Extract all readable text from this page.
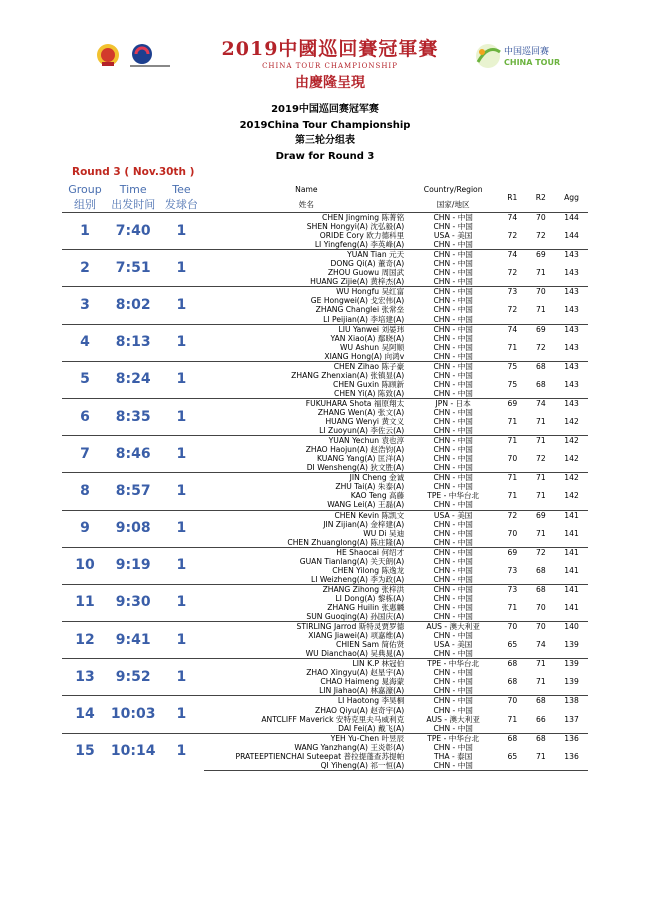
2019中國巡回賽冠軍賽
CHINA TOUR CHAMPIONSHIP
由慶隆呈現
中国巡回赛
CHINA TOUR
2019中国巡回赛冠军赛
2019China Tour Championship
第三轮分组表
Draw for Round 3
Round 3 ( Nov.30th )
Group	Time	Tee	Name	Country/Region	R1	R2	Agg
组别	出发时间	发球台	姓名	国家/地区			
1	7:40	1	CHEN Jingming 陈菁铭	CHN - 中国	74	70	144
			SHEN Hongyi(A) 沈弘毅(A)	CHN - 中国			
			ORIDE Cory 欧力德科里	USA - 美国	72	72	144
			LI Yingfeng(A) 李英峰(A)	CHN - 中国			
2	7:51	1	YUAN Tian 元天	CHN - 中国	74	69	143
			DONG Qi(A) 董奇(A)	CHN - 中国			
			ZHOU Guowu 周国武	CHN - 中国	72	71	143
			HUANG Zijie(A) 黄梓杰(A)	CHN - 中国			
3	8:02	1	WU Hongfu 吴红富	CHN - 中国	73	70	143
			GE Hongwei(A) 戈宏伟(A)	CHN - 中国			
			ZHANG Changlei 张常垒	CHN - 中国	72	71	143
			LI Peijian(A) 李培建(A)	CHN - 中国			
4	8:13	1	LIU Yanwei 刘晏玮	CHN - 中国	74	69	143
			YAN Xiao(A) 鄢晓(A)	CHN - 中国			
			WU Ashun 吴阿顺	CHN - 中国	71	72	143
			XIANG Hong(A) 向鸿v	CHN - 中国			
5	8:24	1	CHEN Zihao 陈子豪	CHN - 中国	75	68	143
			ZHANG Zhenxian(A) 张镇显(A)	CHN - 中国			
			CHEN Guxin 陈顾新	CHN - 中国	75	68	143
			CHEN Yi(A) 陈致(A)	CHN - 中国			
6	8:35	1	FUKUHARA Shota 福原翔太	JPN - 日本	69	74	143
			ZHANG Wen(A) 张文(A)	CHN - 中国			
			HUANG Wenyi 黄文义	CHN - 中国	71	71	142
			LI Zuoyun(A) 李佐云(A)	CHN - 中国			
7	8:46	1	YUAN Yechun 袁也淳	CHN - 中国	71	71	142
			ZHAO Haojun(A) 赵浩钧(A)	CHN - 中国			
			KUANG Yang(A) 匡洋(A)	CHN - 中国	70	72	142
			DI Wensheng(A) 狄文胜(A)	CHN - 中国			
8	8:57	1	JIN Cheng 金诚	CHN - 中国	71	71	142
			ZHU Tai(A) 朱泰(A)	CHN - 中国			
			KAO Teng 高藤	TPE - 中华台北	71	71	142
			WANG Lei(A) 王磊(A)	CHN - 中国			
9	9:08	1	CHEN Kevin 陈凯文	USA - 美国	72	69	141
			JIN Zijian(A) 金梓建(A)	CHN - 中国			
			WU Di 吴迪	CHN - 中国	70	71	141
			CHEN Zhuanglong(A) 陈庄隆(A)	CHN - 中国			
10	9:19	1	HE Shaocai 何绍才	CHN - 中国	69	72	141
			GUAN Tianlang(A) 关天朗(A)	CHN - 中国			
			CHEN Yilong 陈逸龙	CHN - 中国	73	68	141
			LI Weizheng(A) 李为政(A)	CHN - 中国			
11	9:30	1	ZHANG Zihong 张梓洪	CHN - 中国	73	68	141
			LI Dong(A) 黎栋(A)	CHN - 中国			
			ZHANG Huilin 张惠麟	CHN - 中国	71	70	141
			SUN Guoqing(A) 孙国庆(A)	CHN - 中国			
12	9:41	1	STIRLING Jarrod 斯特灵贾罗德	AUS - 澳大利亚	70	70	140
			XIANG Jiawei(A) 项嘉维(A)	CHN - 中国			
			CHIEN Sam 简佑贤	USA - 美国	65	74	139
			WU Dianchao(A) 吴典晁(A)	CHN - 中国			
13	9:52	1	LIN K.P 林冠伯	TPE - 中华台北	68	71	139
			ZHAO Xingyu(A) 赵星宇(A)	CHN - 中国			
			CHAO Haimeng 晁海蒙	CHN - 中国	68	71	139
			LIN Jiahao(A) 林嘉濠(A)	CHN - 中国			
14	10:03	1	LI Haotong 李昊桐	CHN - 中国	70	68	138
			ZHAO Qiyu(A) 赵奇宇(A)	CHN - 中国			
			ANTCLIFF Maverick 安特克里夫马威利克	AUS - 澳大利亚	71	66	137
			DAI Fei(A) 戴飞(A)	CHN - 中国			
15	10:14	1	YEH Yu-Chen 叶昱辰	TPE - 中华台北	68	68	136
			WANG Yanzhang(A) 王炎彰(A)	CHN - 中国			
			PRATEEPTIENCHAI Suteepat 普拉提蓬查苏提帕	THA - 泰国	65	71	136
			QI Yiheng(A) 祁一恒(A)	CHN - 中国			
